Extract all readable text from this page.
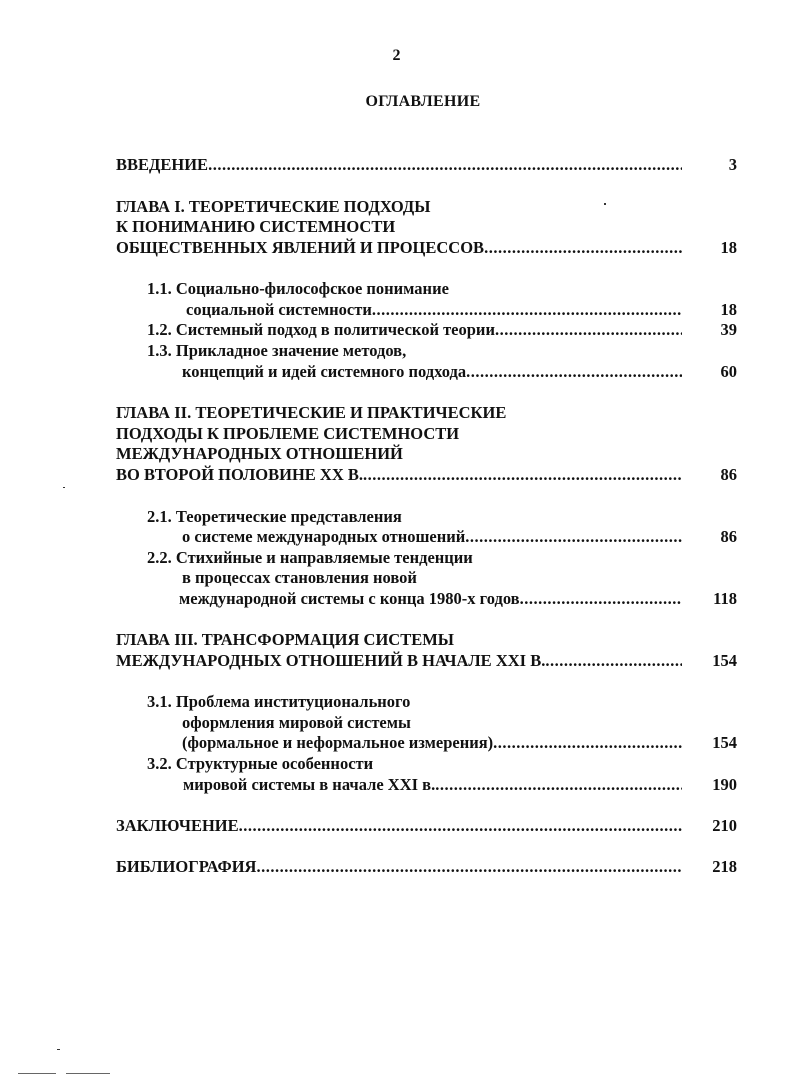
2
ОГЛАВЛЕНИЕ
ВВЕДЕНИЕ .....	3
ГЛАВА I. ТЕОРЕТИЧЕСКИЕ ПОДХОДЫ
К ПОНИМАНИЮ СИСТЕМНОСТИ
ОБЩЕСТВЕННЫХ ЯВЛЕНИЙ И ПРОЦЕССОВ .....	18
1.1. Социально-философское понимание
социальной системности .....	18
1.2. Системный подход в политической теории .....	39
1.3. Прикладное значение методов,
концепций и идей системного подхода .....	60
ГЛАВА II. ТЕОРЕТИЧЕСКИЕ И ПРАКТИЧЕСКИЕ
ПОДХОДЫ К ПРОБЛЕМЕ СИСТЕМНОСТИ
МЕЖДУНАРОДНЫХ ОТНОШЕНИЙ
ВО ВТОРОЙ ПОЛОВИНЕ XX В. .....	86
2.1. Теоретические представления
о системе международных отношений .....	86
2.2. Стихийные и направляемые тенденции
в процессах становления новой
международной системы с конца 1980-х годов .....	118
ГЛАВА III. ТРАНСФОРМАЦИЯ СИСТЕМЫ
МЕЖДУНАРОДНЫХ ОТНОШЕНИЙ В НАЧАЛЕ XXI В. .....	154
3.1. Проблема институционального
оформления мировой системы
(формальное и неформальное измерения) .....	154
3.2. Структурные особенности
мировой системы в начале XXI в. .....	190
ЗАКЛЮЧЕНИЕ .....	210
БИБЛИОГРАФИЯ .....	218
